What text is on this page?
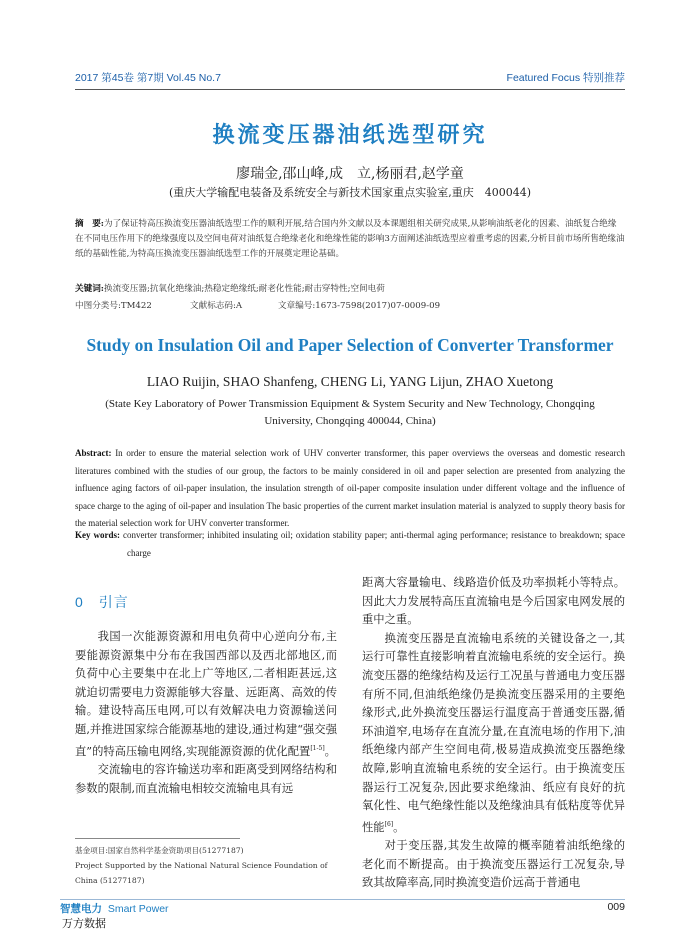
2017 第45卷 第7期 Vol.45 No.7	Featured Focus 特别推荐
换流变压器油纸选型研究
廖瑞金,邵山峰,成　立,杨丽君,赵学童
(重庆大学输配电装备及系统安全与新技术国家重点实验室,重庆　400044)
摘　要:为了保证特高压换流变压器油纸选型工作的顺利开展,结合国内外文献以及本课题组相关研究成果,从影响油纸老化的因素、油纸复合绝缘在不同电压作用下的绝缘强度以及空间电荷对油纸复合绝缘老化和绝缘性能的影响3方面阐述油纸选型应着重考虑的因素,分析目前市场所售绝缘油纸的基础性能,为特高压换流变压器油纸选型工作的开展奠定理论基础。
关键词:换流变压器;抗氧化绝缘油;热稳定绝缘纸;耐老化性能;耐击穿特性;空间电荷
中图分类号:TM422	文献标志码:A	文章编号:1673-7598(2017)07-0009-09
Study on Insulation Oil and Paper Selection of Converter Transformer
LIAO Ruijin, SHAO Shanfeng, CHENG Li, YANG Lijun, ZHAO Xuetong
(State Key Laboratory of Power Transmission Equipment & System Security and New Technology, Chongqing University, Chongqing 400044, China)
Abstract: In order to ensure the material selection work of UHV converter transformer, this paper overviews the overseas and domestic research literatures combined with the studies of our group, the factors to be mainly considered in oil and paper selection are presented from analyzing the influence aging factors of oil-paper insulation, the insulation strength of oil-paper composite insulation under different voltage and the influence of space charge to the aging of oil-paper and insulation The basic properties of the current market insulation material is analyzed to supply theory basis for the material selection work for UHV converter transformer.
Key words: converter transformer; inhibited insulating oil; oxidation stability paper; anti-thermal aging performance; resistance to breakdown; space charge
0　引言

我国一次能源资源和用电负荷中心逆向分布,主要能源资源集中分布在我国西部以及西北部地区,而负荷中心主要集中在北上广等地区,二者相距甚远,这就迫切需要电力资源能够大容量、远距离、高效的传输。建设特高压电网,可以有效解决电力资源输送问题,并推进国家综合能源基地的建设,通过构建“强交强直”的特高压输电网络,实现能源资源的优化配置[1-5]。

交流输电的容许输送功率和距离受到网络结构和参数的限制,而直流输电相较交流输电具有远

距离大容量输电、线路造价低及功率损耗小等特点。因此大力发展特高压直流输电是今后国家电网发展的重中之重。

换流变压器是直流输电系统的关键设备之一,其运行可靠性直接影响着直流输电系统的安全运行。换流变压器的绝缘结构及运行工况虽与普通电力变压器有所不同,但油纸绝缘仍是换流变压器采用的主要绝缘形式,此外换流变压器运行温度高于普通变压器,循环油道窄,电场存在直流分量,在直流电场的作用下,油纸绝缘内部产生空间电荷,极易造成换流变压器绝缘故障,影响直流输电系统的安全运行。由于换流变压器运行工况复杂,因此要求绝缘油、纸应有良好的抗氧化性、电气绝缘性能以及绝缘油具有低粘度等优异性能[6]。

对于变压器,其发生故障的概率随着油纸绝缘的老化而不断提高。由于换流变压器运行工况复杂,导致其故障率高,同时换流变造价远高于普通电

基金项目:国家自然科学基金资助项目(51277187)
Project Supported by the National Natural Science Foundation of China (51277187)
智慧电力 Smart Power	009
万方数据
